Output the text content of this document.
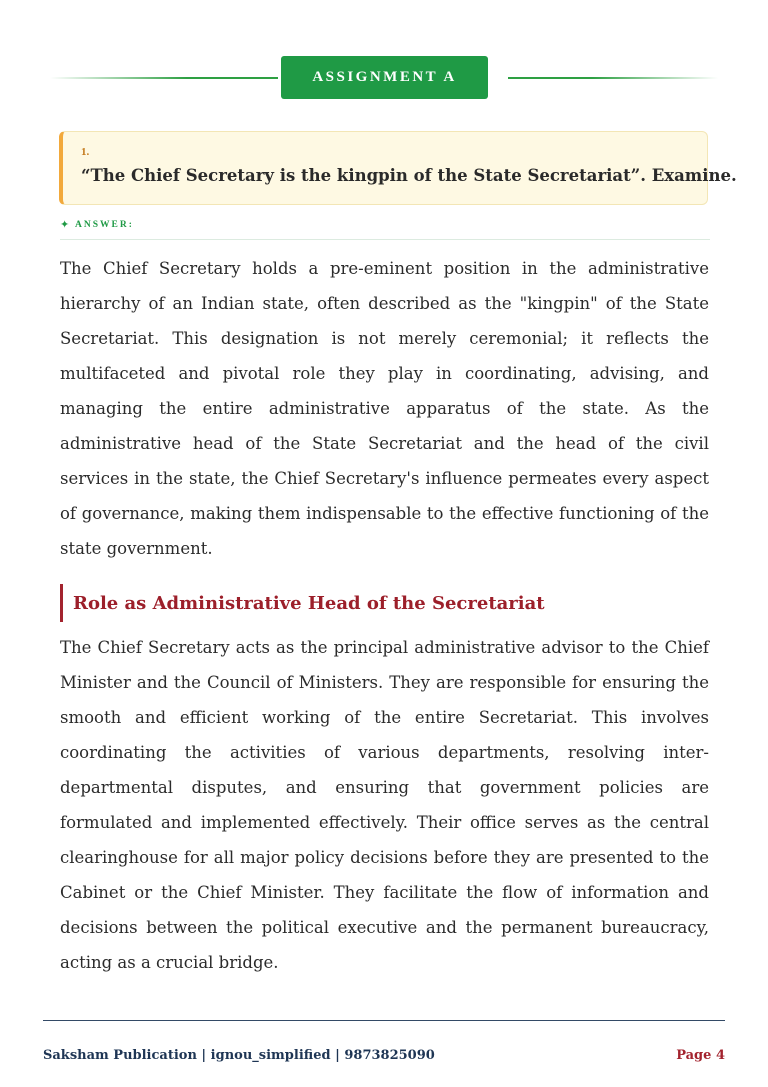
ASSIGNMENT A
1.
“The Chief Secretary is the kingpin of the State Secretariat”. Examine.
✦ ANSWER:

The Chief Secretary holds a pre-eminent position in the administrative hierarchy of an Indian state, often described as the "kingpin" of the State Secretariat. This designation is not merely ceremonial; it reflects the multifaceted and pivotal role they play in coordinating, advising, and managing the entire administrative apparatus of the state. As the administrative head of the State Secretariat and the head of the civil services in the state, the Chief Secretary's influence permeates every aspect of governance, making them indispensable to the effective functioning of the state government.

Role as Administrative Head of the Secretariat

The Chief Secretary acts as the principal administrative advisor to the Chief Minister and the Council of Ministers. They are responsible for ensuring the smooth and efficient working of the entire Secretariat. This involves coordinating the activities of various departments, resolving inter-departmental disputes, and ensuring that government policies are formulated and implemented effectively. Their office serves as the central clearinghouse for all major policy decisions before they are presented to the Cabinet or the Chief Minister. They facilitate the flow of information and decisions between the political executive and the permanent bureaucracy, acting as a crucial bridge.

Saksham Publication | ignou_simplified | 9873825090	Page 4
